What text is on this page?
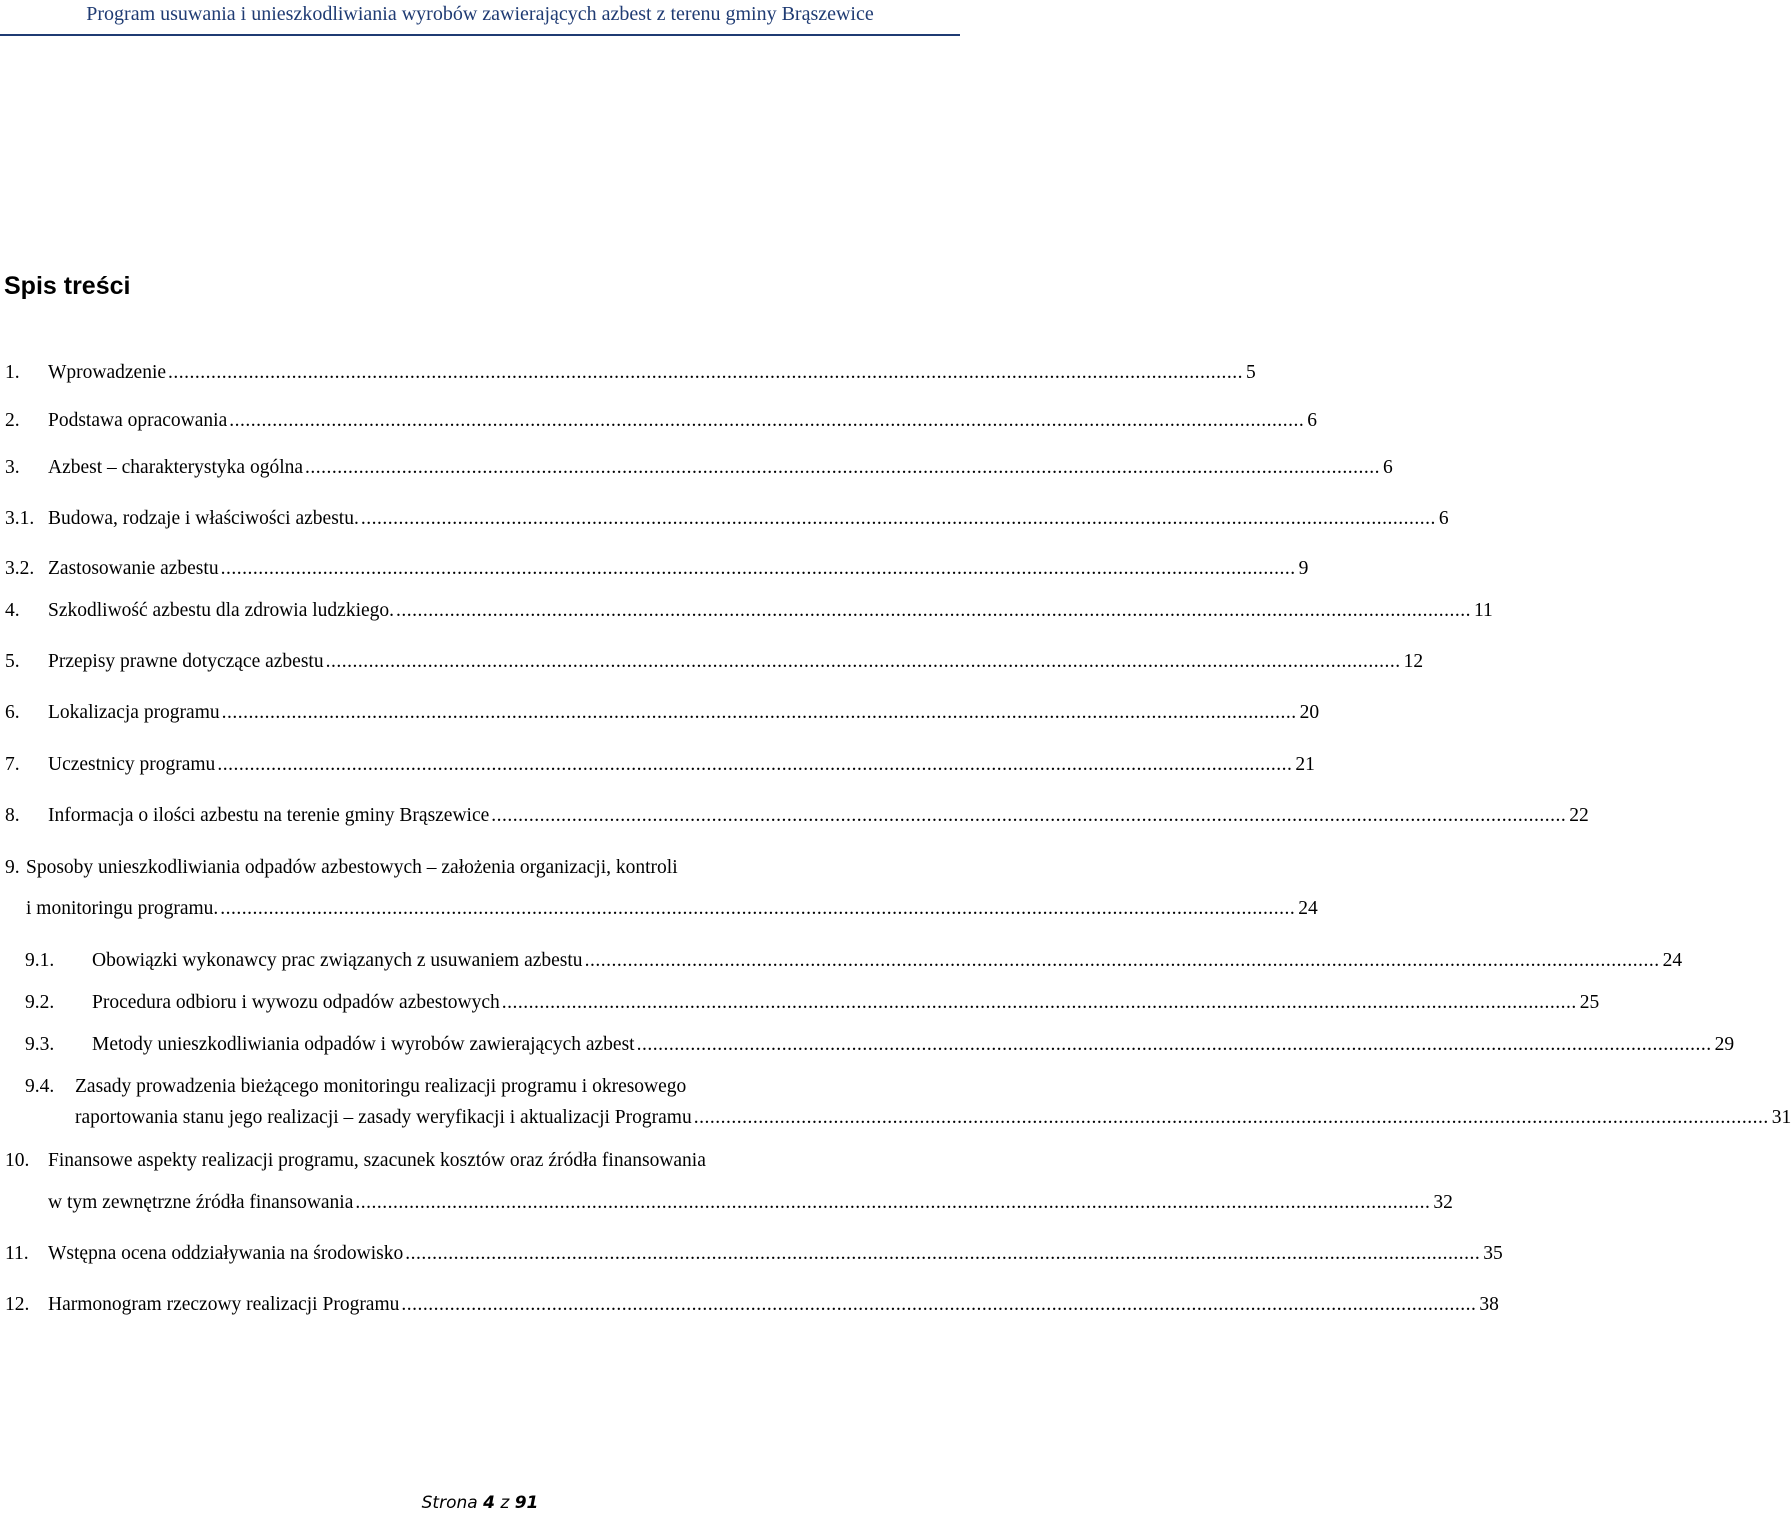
Program usuwania i unieszkodliwiania wyrobów zawierających azbest z terenu gminy Brąszewice
Spis treści
1. Wprowadzenie ........................................................................................................................................................................................................ 5
2. Podstawa opracowania ........................................................................................................................................................................................................ 6
3. Azbest – charakterystyka ogólna ........................................................................................................................................................................................................ 6
3.1. Budowa, rodzaje i właściwości azbestu. ........................................................................................................................................................................................................ 6
3.2. Zastosowanie azbestu ........................................................................................................................................................................................................ 9
4. Szkodliwość azbestu dla zdrowia ludzkiego. ........................................................................................................................................................................................................ 11
5. Przepisy prawne dotyczące azbestu ........................................................................................................................................................................................................ 12
6. Lokalizacja programu ........................................................................................................................................................................................................ 20
7. Uczestnicy programu ........................................................................................................................................................................................................ 21
8. Informacja o ilości azbestu na terenie gminy Brąszewice ........................................................................................................................................................................................................ 22
9. Sposoby unieszkodliwiania odpadów azbestowych – założenia organizacji, kontroli
i monitoringu programu. ........................................................................................................................................................................................................ 24
9.1. Obowiązki wykonawcy prac związanych z usuwaniem azbestu ........................................................................................................................................................................................................ 24
9.2. Procedura odbioru i wywozu odpadów azbestowych ........................................................................................................................................................................................................ 25
9.3. Metody unieszkodliwiania odpadów i wyrobów zawierających azbest ........................................................................................................................................................................................................ 29
9.4. Zasady prowadzenia bieżącego monitoringu realizacji programu i okresowego
raportowania stanu jego realizacji – zasady weryfikacji i aktualizacji Programu ........................................................................................................................................................................................................ 31
10. Finansowe aspekty realizacji programu, szacunek kosztów oraz źródła finansowania
w tym zewnętrzne źródła finansowania ........................................................................................................................................................................................................ 32
11. Wstępna ocena oddziaływania na środowisko ........................................................................................................................................................................................................ 35
12. Harmonogram rzeczowy realizacji Programu ........................................................................................................................................................................................................ 38
Strona 4 z 91
